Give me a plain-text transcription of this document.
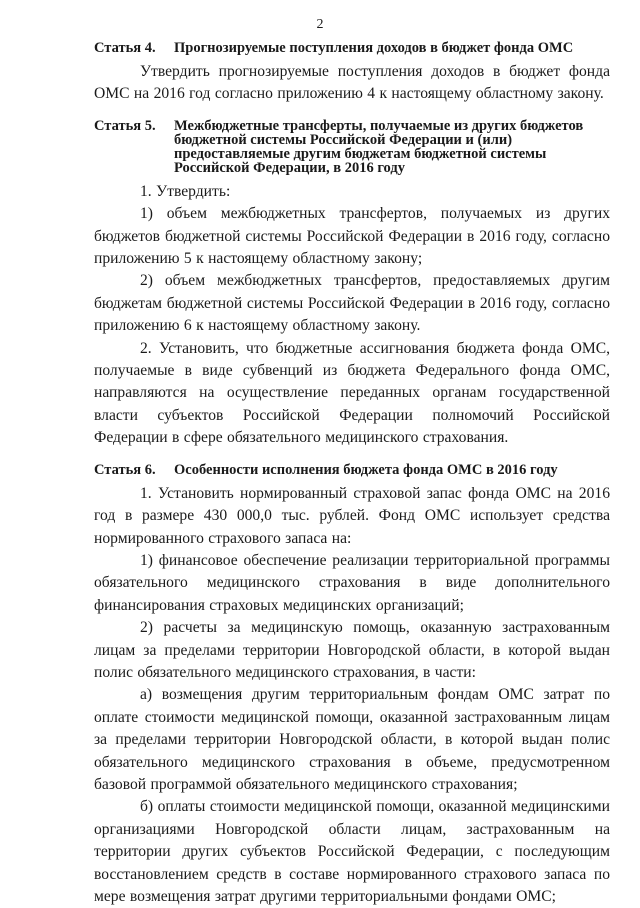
2
Статья 4.	Прогнозируемые поступления доходов в бюджет фонда ОМС

Утвердить прогнозируемые поступления доходов в бюджет фонда ОМС на 2016 год согласно приложению 4 к настоящему областному закону.

Статья 5.	Межбюджетные трансферты, получаемые из других бюджетов бюджетной системы Российской Федерации и (или) предоставляемые другим бюджетам бюджетной системы Российской Федерации, в 2016 году

1. Утвердить:

1) объем межбюджетных трансфертов, получаемых из других бюджетов бюджетной системы Российской Федерации в 2016 году, согласно приложению 5 к настоящему областному закону;

2) объем межбюджетных трансфертов, предоставляемых другим бюджетам бюджетной системы Российской Федерации в 2016 году, согласно приложению 6 к настоящему областному закону.

2. Установить, что бюджетные ассигнования бюджета фонда ОМС, получаемые в виде субвенций из бюджета Федерального фонда ОМС, направляются на осуществление переданных органам государственной власти субъектов Российской Федерации полномочий Российской Федерации в сфере обязательного медицинского страхования.

Статья 6.	Особенности исполнения бюджета фонда ОМС в 2016 году

1. Установить нормированный страховой запас фонда ОМС на 2016 год в размере 430 000,0 тыс. рублей. Фонд ОМС использует средства нормированного страхового запаса на:

1) финансовое обеспечение реализации территориальной программы обязательного медицинского страхования в виде дополнительного финансирования страховых медицинских организаций;

2) расчеты за медицинскую помощь, оказанную застрахованным лицам за пределами территории Новгородской области, в которой выдан полис обязательного медицинского страхования, в части:

а) возмещения другим территориальным фондам ОМС затрат по оплате стоимости медицинской помощи, оказанной застрахованным лицам за пределами территории Новгородской области, в которой выдан полис обязательного медицинского страхования в объеме, предусмотренном базовой программой обязательного медицинского страхования;

б) оплаты стоимости медицинской помощи, оказанной медицинскими организациями Новгородской области лицам, застрахованным на территории других субъектов Российской Федерации, с последующим восстановлением средств в составе нормированного страхового запаса по мере возмещения затрат другими территориальными фондами ОМС;
